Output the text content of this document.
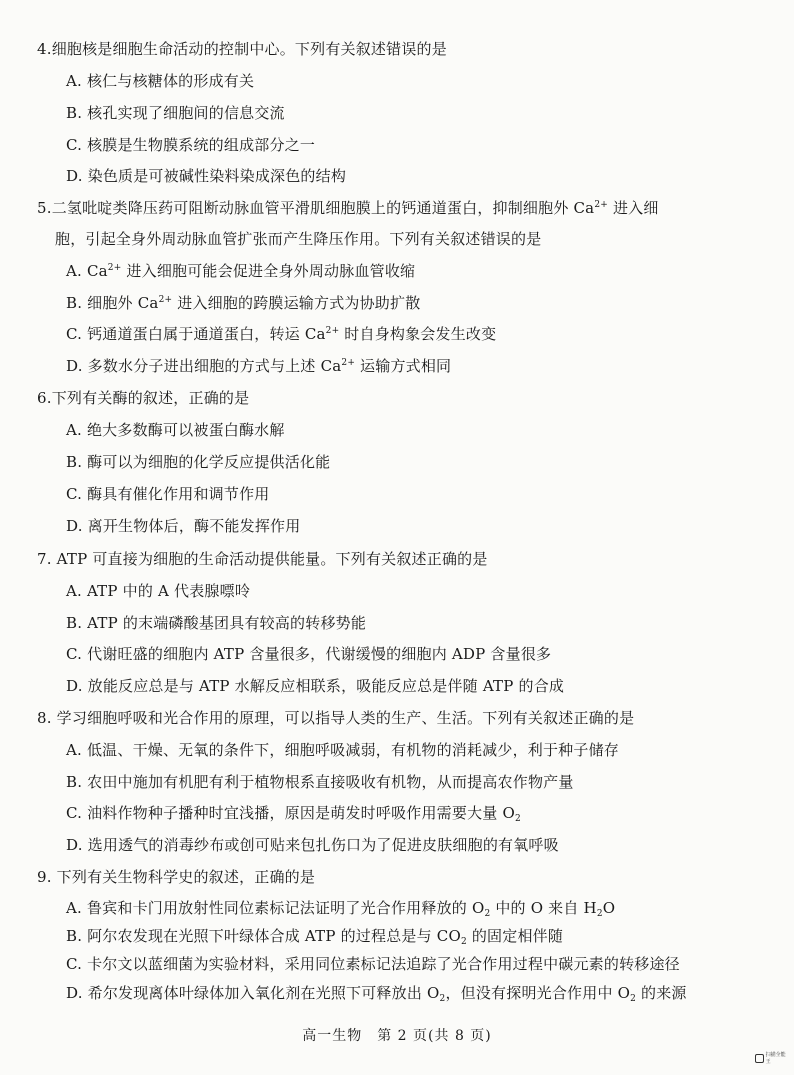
4.细胞核是细胞生命活动的控制中心。下列有关叙述错误的是
A. 核仁与核糖体的形成有关
B. 核孔实现了细胞间的信息交流
C. 核膜是生物膜系统的组成部分之一
D. 染色质是可被碱性染料染成深色的结构
5.二氢吡啶类降压药可阻断动脉血管平滑肌细胞膜上的钙通道蛋白，抑制细胞外 $Ca^{2+}$ 进入细
胞，引起全身外周动脉血管扩张而产生降压作用。下列有关叙述错误的是
A. $Ca^{2+}$ 进入细胞可能会促进全身外周动脉血管收缩
B. 细胞外 $Ca^{2+}$ 进入细胞的跨膜运输方式为协助扩散
C. 钙通道蛋白属于通道蛋白，转运 $Ca^{2+}$ 时自身构象会发生改变
D. 多数水分子进出细胞的方式与上述 $Ca^{2+}$ 运输方式相同
6.下列有关酶的叙述，正确的是
A. 绝大多数酶可以被蛋白酶水解
B. 酶可以为细胞的化学反应提供活化能
C. 酶具有催化作用和调节作用
D. 离开生物体后，酶不能发挥作用
7. ATP 可直接为细胞的生命活动提供能量。下列有关叙述正确的是
A. ATP 中的 A 代表腺嘌呤
B. ATP 的末端磷酸基团具有较高的转移势能
C. 代谢旺盛的细胞内 ATP 含量很多，代谢缓慢的细胞内 ADP 含量很多
D. 放能反应总是与 ATP 水解反应相联系，吸能反应总是伴随 ATP 的合成
8. 学习细胞呼吸和光合作用的原理，可以指导人类的生产、生活。下列有关叙述正确的是
A. 低温、干燥、无氧的条件下，细胞呼吸减弱，有机物的消耗减少，利于种子储存
B. 农田中施加有机肥有利于植物根系直接吸收有机物，从而提高农作物产量
C. 油料作物种子播种时宜浅播，原因是萌发时呼吸作用需要大量 $O_2$
D. 选用透气的消毒纱布或创可贴来包扎伤口为了促进皮肤细胞的有氧呼吸
9. 下列有关生物科学史的叙述，正确的是
A. 鲁宾和卡门用放射性同位素标记法证明了光合作用释放的 $O_2$ 中的 O 来自 $H_2O$
B. 阿尔农发现在光照下叶绿体合成 ATP 的过程总是与 $CO_2$ 的固定相伴随
C. 卡尔文以蓝细菌为实验材料，采用同位素标记法追踪了光合作用过程中碳元素的转移途径
D. 希尔发现离体叶绿体加入氧化剂在光照下可释放出 $O_2$，但没有探明光合作用中 $O_2$ 的来源
高一生物　第 2 页(共 8 页)
扫描全能王
